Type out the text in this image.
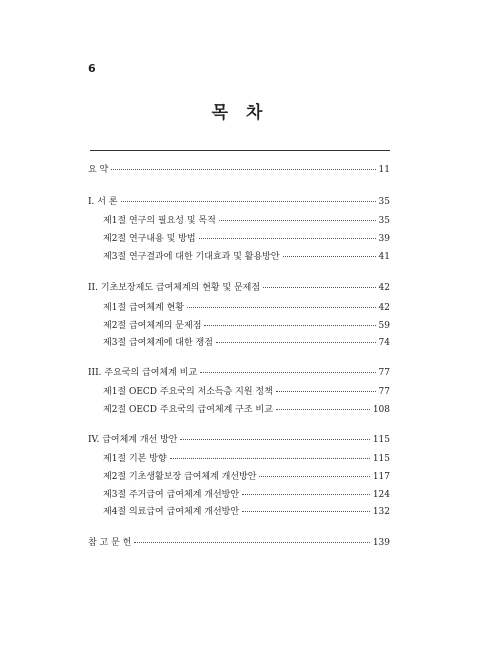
6
목 차
요 약	11
I. 서 론	35
제1절 연구의 필요성 및 목적	35
제2절 연구내용 및 방법	39
제3절 연구결과에 대한 기대효과 및 활용방안	41
II. 기초보장제도 급여체계의 현황 및 문제점	42
제1절 급여체계 현황	42
제2절 급여체계의 문제점	59
제3절 급여체계에 대한 쟁점	74
III. 주요국의 급여체계 비교	77
제1절 OECD 주요국의 저소득층 지원 정책	77
제2절 OECD 주요국의 급여체계 구조 비교	108
IV. 급여체계 개선 방안	115
제1절 기본 방향	115
제2절 기초생활보장 급여체계 개선방안	117
제3절 주거급여 급여체계 개선방안	124
제4절 의료급여 급여체계 개선방안	132
참 고 문 헌	139
